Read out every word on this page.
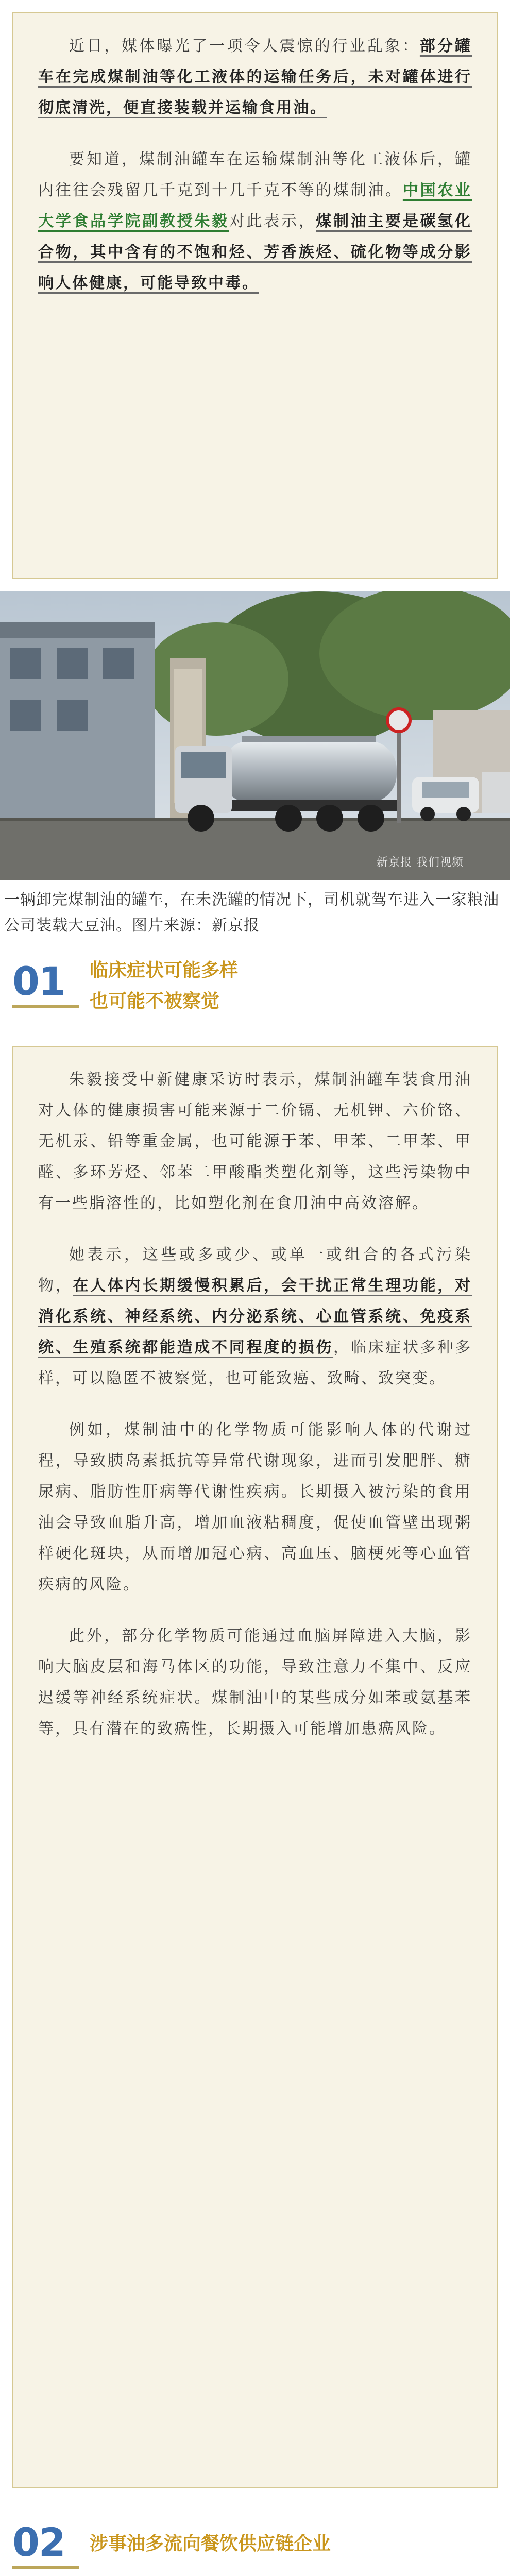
近日，媒体曝光了一项令人震惊的行业乱象：部分罐车在完成煤制油等化工液体的运输任务后，未对罐体进行彻底清洗，便直接装载并运输食用油。

要知道，煤制油罐车在运输煤制油等化工液体后，罐内往往会残留几千克到十几千克不等的煤制油。中国农业大学食品学院副教授朱毅对此表示，煤制油主要是碳氢化合物，其中含有的不饱和烃、芳香族烃、硫化物等成分影响人体健康，可能导致中毒。

新京报 我们视频
一辆卸完煤制油的罐车，在未洗罐的情况下，司机就驾车进入一家粮油公司装载大豆油。图片来源：新京报
01 临床症状可能多样
也可能不被察觉

朱毅接受中新健康采访时表示，煤制油罐车装食用油对人体的健康损害可能来源于二价镉、无机钾、六价铬、无机汞、铅等重金属，也可能源于苯、甲苯、二甲苯、甲醛、多环芳烃、邻苯二甲酸酯类塑化剂等，这些污染物中有一些脂溶性的，比如塑化剂在食用油中高效溶解。

她表示，这些或多或少、或单一或组合的各式污染物，在人体内长期缓慢积累后，会干扰正常生理功能，对消化系统、神经系统、内分泌系统、心血管系统、免疫系统、生殖系统都能造成不同程度的损伤，临床症状多种多样，可以隐匿不被察觉，也可能致癌、致畸、致突变。

例如，煤制油中的化学物质可能影响人体的代谢过程，导致胰岛素抵抗等异常代谢现象，进而引发肥胖、糖尿病、脂肪性肝病等代谢性疾病。长期摄入被污染的食用油会导致血脂升高，增加血液粘稠度，促使血管壁出现粥样硬化斑块，从而增加冠心病、高血压、脑梗死等心血管疾病的风险。

此外，部分化学物质可能通过血脑屏障进入大脑，影响大脑皮层和海马体区的功能，导致注意力不集中、反应迟缓等神经系统症状。煤制油中的某些成分如苯或氨基苯等，具有潜在的致癌性，长期摄入可能增加患癌风险。

02 涉事油多流向餐饮供应链企业
